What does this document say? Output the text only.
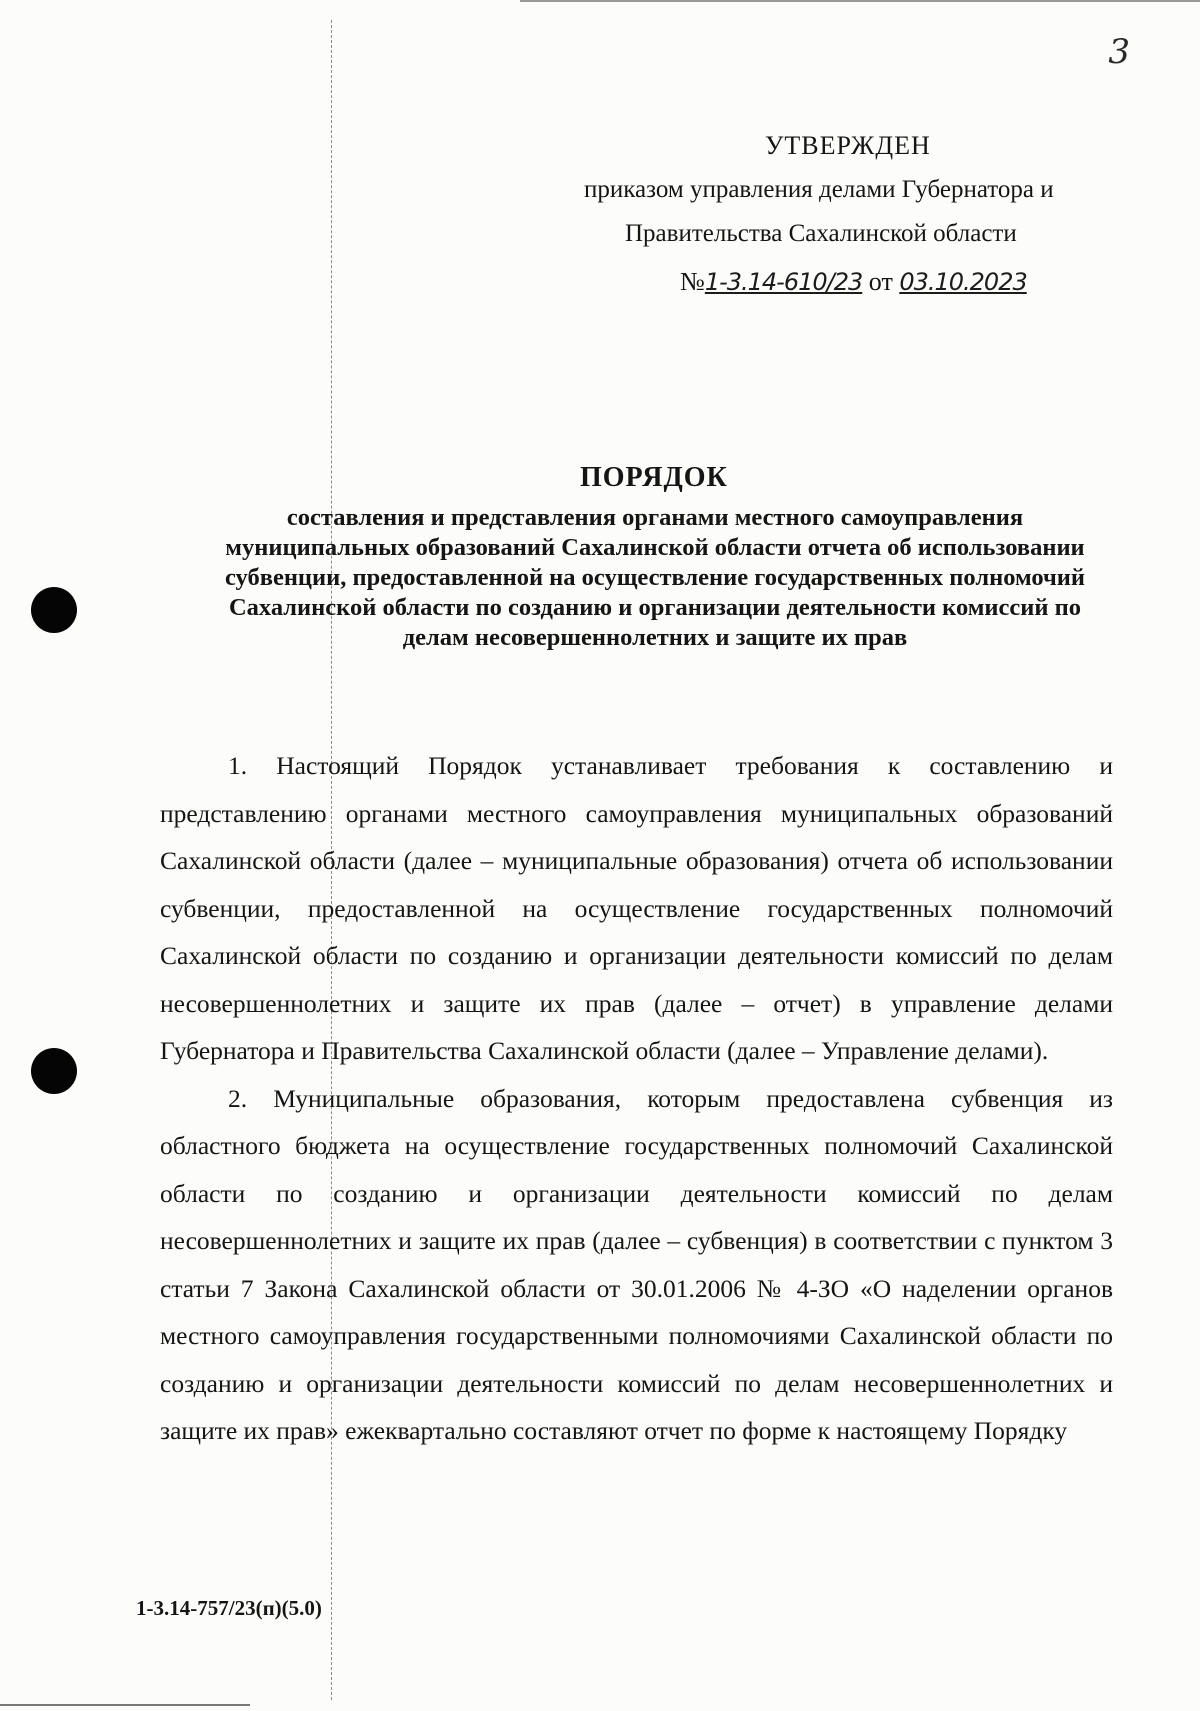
3
УТВЕРЖДЕН
приказом управления делами Губернатора и
Правительства Сахалинской области
№1-3.14-610/23 от 03.10.2023
ПОРЯДОК
составления и представления органами местного самоуправления муниципальных образований Сахалинской области отчета об использовании субвенции, предоставленной на осуществление государственных полномочий Сахалинской области по созданию и организации деятельности комиссий по делам несовершеннолетних и защите их прав

1. Настоящий Порядок устанавливает требования к составлению и представлению органами местного самоуправления муниципальных образований Сахалинской области (далее – муниципальные образования) отчета об использовании субвенции, предоставленной на осуществление государственных полномочий Сахалинской области по созданию и организации деятельности комиссий по делам несовершеннолетних и защите их прав (далее – отчет) в управление делами Губернатора и Правительства Сахалинской области (далее – Управление делами).

2. Муниципальные образования, которым предоставлена субвенция из областного бюджета на осуществление государственных полномочий Сахалинской области по созданию и организации деятельности комиссий по делам несовершеннолетних и защите их прав (далее – субвенция) в соответствии с пунктом 3 статьи 7 Закона Сахалинской области от 30.01.2006 № 4-ЗО «О наделении органов местного самоуправления государственными полномочиями Сахалинской области по созданию и организации деятельности комиссий по делам несовершеннолетних и защите их прав» ежеквартально составляют отчет по форме к настоящему Порядку

1-3.14-757/23(п)(5.0)
